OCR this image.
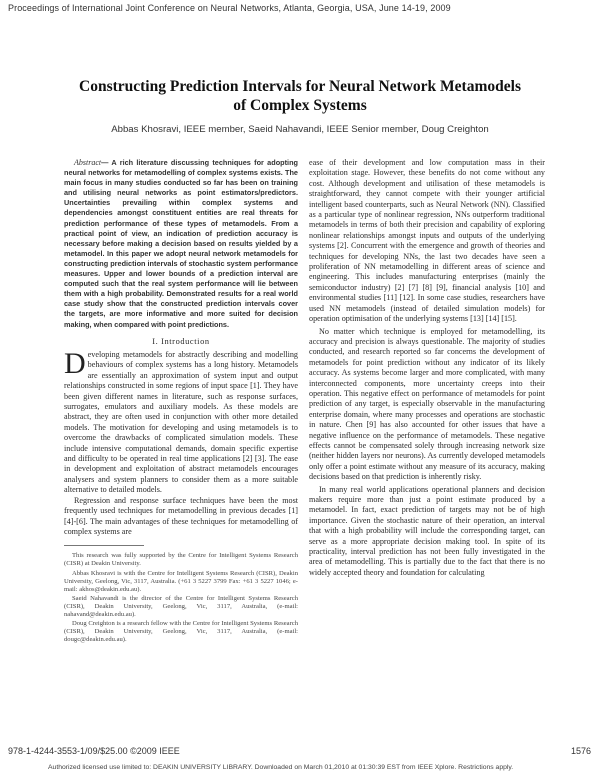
Proceedings of International Joint Conference on Neural Networks, Atlanta, Georgia, USA, June 14-19, 2009
Constructing Prediction Intervals for Neural Network Metamodels
of Complex Systems
Abbas Khosravi, IEEE member, Saeid Nahavandi, IEEE Senior member, Doug Creighton
Abstract— A rich literature discussing techniques for adopting neural networks for metamodelling of complex systems exists. The main focus in many studies conducted so far has been on training and utilising neural networks as point estimators/predictors. Uncertainties prevailing within complex systems and dependencies amongst constituent entities are real threats for prediction performance of these types of metamodels. From a practical point of view, an indication of prediction accuracy is necessary before making a decision based on results yielded by a metamodel. In this paper we adopt neural network metamodels for constructing prediction intervals of stochastic system performance measures. Upper and lower bounds of a prediction interval are computed such that the real system performance will lie between them with a high probability. Demonstrated results for a real world case study show that the constructed prediction intervals cover the targets, are more informative and more suited for decision making, when compared with point predictions.
I. Introduction

Developing metamodels for abstractly describing and modelling behaviours of complex systems has a long history. Metamodels are essentially an approximation of system input and output relationships constructed in some regions of input space [1]. They have been given different names in literature, such as response surfaces, surrogates, emulators and auxiliary models. As these models are abstract, they are often used in conjunction with other more detailed models. The motivation for developing and using metamodels is to overcome the drawbacks of complicated simulation models. These include intensive computational demands, domain specific expertise and difficulty to be operated in real time applications [2] [3]. The ease in development and exploitation of abstract metamodels encourages analysers and system planners to consider them as a more suitable alternative to detailed models.

Regression and response surface techniques have been the most frequently used techniques for metamodelling in previous decades [1] [4]-[6]. The main advantages of these techniques for metamodelling of complex systems are

This research was fully supported by the Centre for Intelligent Systems Research (CISR) at Deakin University.

Abbas Khosravi is with the Centre for Intelligent Systems Research (CISR), Deakin University, Geelong, Vic, 3117, Australia. (+61 3 5227 3799 Fax: +61 3 5227 1046; e-mail: akhos@deakin.edu.au).

Saeid Nahavandi is the director of the Centre for Intelligent Systems Research (CISR), Deakin University, Geelong, Vic, 3117, Australia, (e-mail: nahavand@deakin.edu.au).

Doug Creighton is a research fellow with the Centre for Intelligent Systems Research (CISR), Deakin University, Geelong, Vic, 3117, Australia, (e-mail: dougc@deakin.edu.au).

ease of their development and low computation mass in their exploitation stage. However, these benefits do not come without any cost. Although development and utilisation of these metamodels is straightforward, they cannot compete with their younger artificial intelligent based counterparts, such as Neural Network (NN). Classified as a particular type of nonlinear regression, NNs outperform traditional metamodels in terms of both their precision and capability of exploring nonlinear relationships amongst inputs and outputs of the underlying systems [2]. Concurrent with the emergence and growth of theories and techniques for developing NNs, the last two decades have seen a proliferation of NN metamodelling in different areas of science and engineering. This includes manufacturing enterprises (mainly the semiconductor industry) [2] [7] [8] [9], financial analysis [10] and environmental studies [11] [12]. In some case studies, researchers have used NN metamodels (instead of detailed simulation models) for operation optimisation of the underlying systems [13] [14] [15].

No matter which technique is employed for metamodelling, its accuracy and precision is always questionable. The majority of studies conducted, and research reported so far concerns the development of metamodels for point prediction without any indicator of its likely accuracy. As systems become larger and more complicated, with many interconnected components, more uncertainty creeps into their operation. This negative effect on performance of metamodels for point prediction of any target, is especially observable in the manufacturing enterprise domain, where many processes and operations are stochastic in nature. Chen [9] has also accounted for other issues that have a negative influence on the performance of metamodels. These negative effects cannot be compensated solely through increasing network size (neither hidden layers nor neurons). As currently developed metamodels only offer a point estimate without any measure of its accuracy, making decisions based on that prediction is inherently risky.

In many real world applications operational planners and decision makers require more than just a point estimate produced by a metamodel. In fact, exact prediction of targets may not be of high importance. Given the stochastic nature of their operation, an interval that with a high probability will include the corresponding target, can serve as a more appropriate decision making tool. In spite of its practicality, interval prediction has not been fully investigated in the area of metamodelling. This is partially due to the fact that there is no widely accepted theory and foundation for calculating

978-1-4244-3553-1/09/$25.00 ©2009 IEEE	1576
Authorized licensed use limited to: DEAKIN UNIVERSITY LIBRARY. Downloaded on March 01,2010 at 01:30:39 EST from IEEE Xplore. Restrictions apply.
